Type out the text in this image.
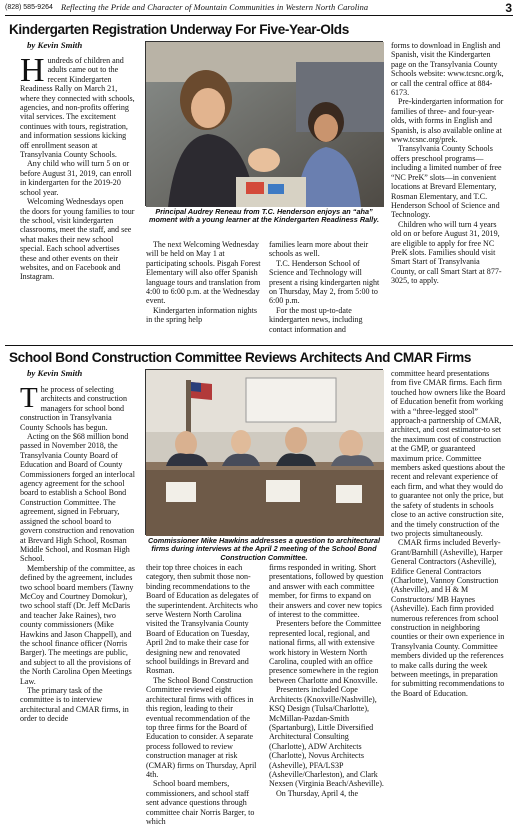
(828) 585-9264 Reflecting the Pride and Character of Mountain Communities in Western North Carolina	3
Kindergarten Registration Underway For Five-Year-Olds
by Kevin Smith

Hundreds of children and adults came out to the recent Kindergarten Readiness Rally on March 21, where they connected with schools, agencies, and non-profits offering vital services. The excitement continues with tours, registration, and information sessions kicking off enrollment season at Transylvania County Schools.

Any child who will turn 5 on or before August 31, 2019, can enroll in kindergarten for the 2019-20 school year.

Welcoming Wednesdays open the doors for young families to tour the school, visit kindergarten classrooms, meet the staff, and see what makes their new school special. Each school advertises these and other events on their websites, and on Facebook and Instagram.

Principal Audrey Reneau from T.C. Henderson enjoys an “aha” moment with a young learner at the Kindergarten Readiness Rally.

The next Welcoming Wednesday will be held on May 1 at participating schools. Pisgah Forest Elementary will also offer Spanish language tours and translation from 4:00 to 6:00 p.m. at the Wednesday event.

Kindergarten information nights in the spring help

families learn more about their schools as well.

T.C. Henderson School of Science and Technology will present a rising kindergarten night on Thursday, May 2, from 5:00 to 6:00 p.m.

For the most up-to-date kindergarten news, including contact information and

forms to download in English and Spanish, visit the Kindergarten page on the Transylvania County Schools website: www.tcsnc.org/k, or call the central office at 884-6173.

Pre-kindergarten information for families of three- and four-year-olds, with forms in English and Spanish, is also available online at www.tcsnc.org/prek.

Transylvania County Schools offers preschool programs—including a limited number of free “NC PreK” slots—in convenient locations at Brevard Elementary, Rosman Elementary, and T.C. Henderson School of Science and Technology.

Children who will turn 4 years old on or before August 31, 2019, are eligible to apply for free NC PreK slots. Families should visit Smart Start of Transylvania County, or call Smart Start at 877-3025, to apply.

School Bond Construction Committee Reviews Architects And CMAR Firms
by Kevin Smith

The process of selecting architects and construction managers for school bond construction in Transylvania County Schools has begun.

Acting on the $68 million bond passed in November 2018, the Transylvania County Board of Education and Board of County Commissioners forged an interlocal agency agreement for the school board to establish a School Bond Construction Committee. The agreement, signed in February, assigned the school board to govern construction and renovation at Brevard High School, Rosman Middle School, and Rosman High School.

Membership of the committee, as defined by the agreement, includes two school board members (Tawny McCoy and Courtney Domokur), two school staff (Dr. Jeff McDaris and teacher Jake Raines), two county commissioners (Mike Hawkins and Jason Chappell), and the school finance officer (Norris Barger). The meetings are public, and subject to all the provisions of the North Carolina Open Meetings Law.

The primary task of the committee is to interview architectural and CMAR firms, in order to decide

Commissioner Mike Hawkins addresses a question to architectural firms during interviews at the April 2 meeting of the School Bond Construction Committee.

their top three choices in each category, then submit those non-binding recommendations to the Board of Education as delegates of the superintendent. Architects who serve Western North Carolina visited the Transylvania County Board of Education on Tuesday, April 2nd to make their case for designing new and renovated school buildings in Brevard and Rosman.

The School Bond Construction Committee reviewed eight architectural firms with offices in this region, leading to their eventual recommendation of the top three firms for the Board of Education to consider. A separate process followed to review construction manager at risk (CMAR) firms on Thursday, April 4th.

School board members, commissioners, and school staff sent advance questions through committee chair Norris Barger, to which

firms responded in writing. Short presentations, followed by question and answer with each committee member, for firms to expand on their answers and cover new topics of interest to the committee.

Presenters before the Committee represented local, regional, and national firms, all with extensive work history in Western North Carolina, coupled with an office presence somewhere in the region between Charlotte and Knoxville.

Presenters included Cope Architects (Knoxville/Nashville), KSQ Design (Tulsa/Charlotte), McMillan-Pazdan-Smith (Spartanburg), Little Diversified Architectural Consulting (Charlotte), ADW Architects (Charlotte), Novus Architects (Asheville), PFA/LS3P (Asheville/Charleston), and Clark Nexsen (Virginia Beach/Asheville).

On Thursday, April 4, the

committee heard presentations from five CMAR firms. Each firm touched how owners like the Board of Education benefit from working with a “three-legged stool” approach-a partnership of CMAR, architect, and cost estimator-to set the maximum cost of construction at the GMP, or guaranteed maximum price. Committee members asked questions about the recent and relevant experience of each firm, and what they would do to guarantee not only the price, but the safety of students in schools close to an active construction site, and the timely construction of the two projects simultaneously.

CMAR firms included Beverly-Grant/Barnhill (Asheville), Harper General Contractors (Asheville), Edifice General Contractors (Charlotte), Vannoy Construction (Asheville), and H & M Constructors/ MB Haynes (Asheville). Each firm provided numerous references from school construction in neighboring counties or their own experience in Transylvania County. Committee members divided up the references to make calls during the week between meetings, in preparation for submitting recommendations to the Board of Education.
